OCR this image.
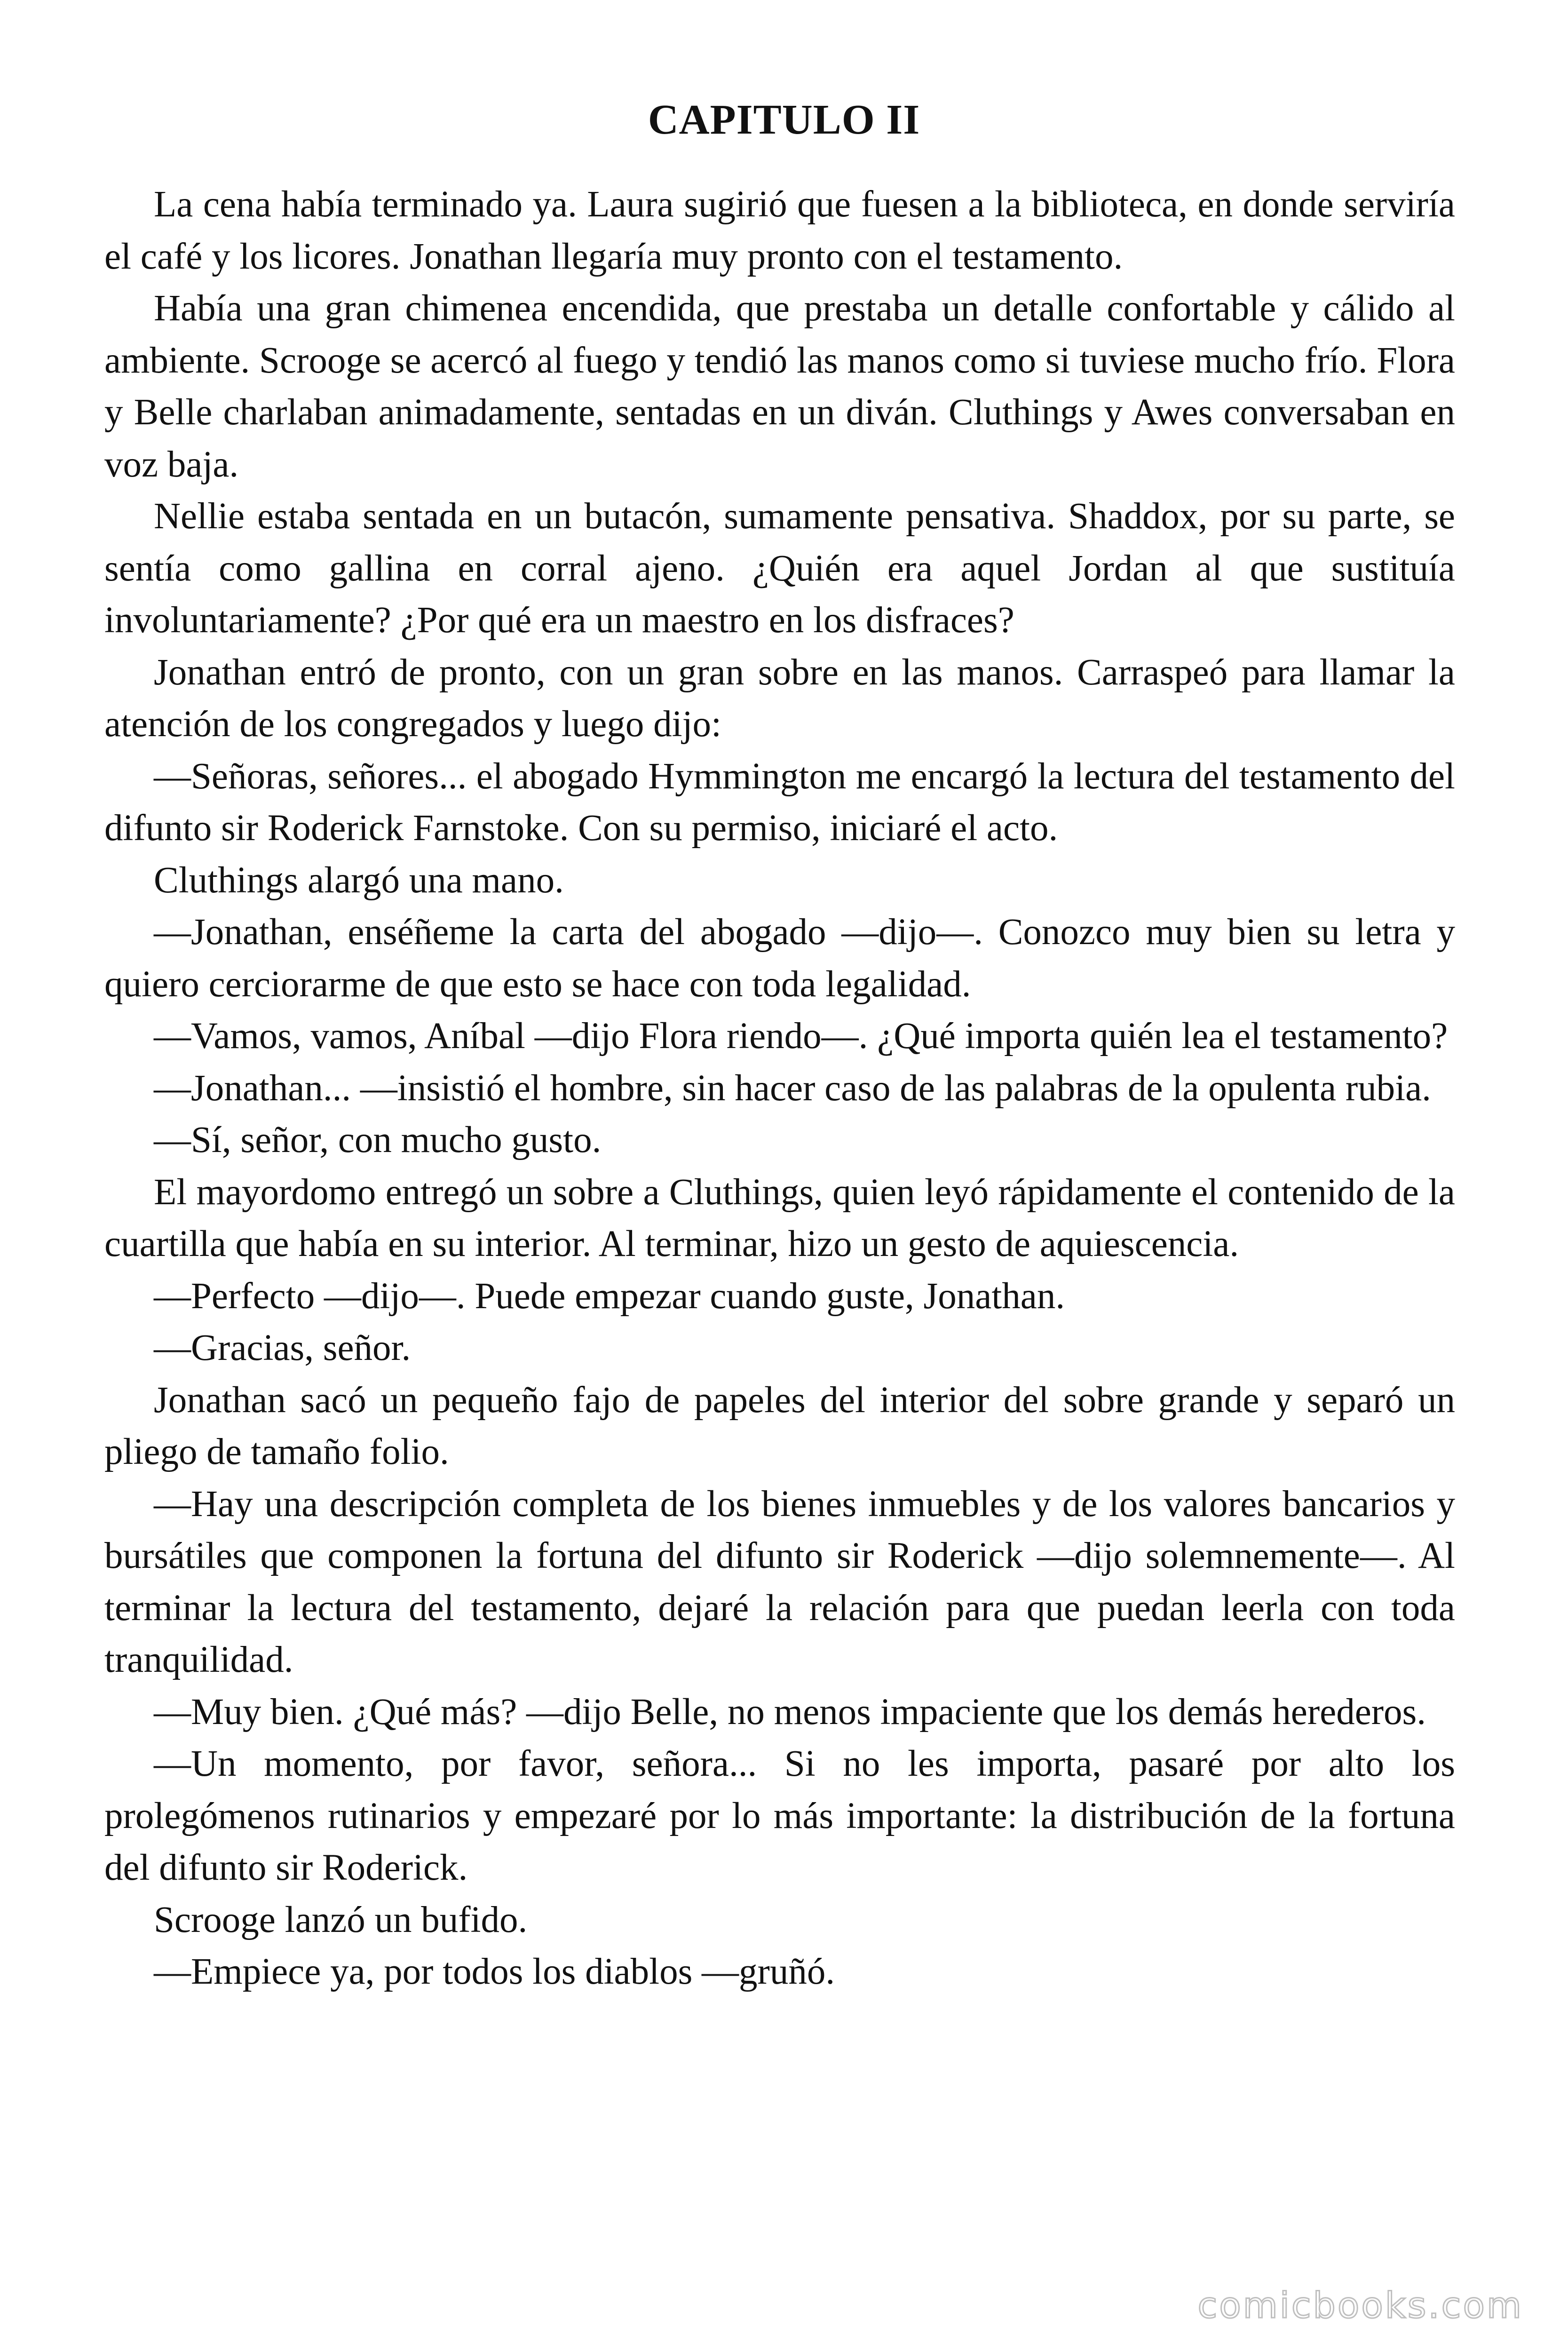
CAPITULO II

La cena había terminado ya. Laura sugirió que fuesen a la biblioteca, en donde serviría el café y los licores. Jonathan llegaría muy pronto con el testamento.

Había una gran chimenea encendida, que prestaba un detalle confortable y cálido al ambiente. Scrooge se acercó al fuego y tendió las manos como si tuviese mucho frío. Flora y Belle charlaban animadamente, sentadas en un diván. Cluthings y Awes conversaban en voz baja.

Nellie estaba sentada en un butacón, sumamente pensativa. Shaddox, por su parte, se sentía como gallina en corral ajeno. ¿Quién era aquel Jordan al que sustituía involuntariamente? ¿Por qué era un maestro en los disfraces?

Jonathan entró de pronto, con un gran sobre en las manos. Carraspeó para llamar la atención de los congregados y luego dijo:

—Señoras, señores... el abogado Hymmington me encargó la lectura del testamento del difunto sir Roderick Farnstoke. Con su permiso, iniciaré el acto.

Cluthings alargó una mano.

—Jonathan, enséñeme la carta del abogado —dijo—. Conozco muy bien su letra y quiero cerciorarme de que esto se hace con toda legalidad.

—Vamos, vamos, Aníbal —dijo Flora riendo—. ¿Qué importa quién lea el testamento?

—Jonathan... —insistió el hombre, sin hacer caso de las palabras de la opulenta rubia.

—Sí, señor, con mucho gusto.

El mayordomo entregó un sobre a Cluthings, quien leyó rápidamente el contenido de la cuartilla que había en su interior. Al terminar, hizo un gesto de aquiescencia.

—Perfecto —dijo—. Puede empezar cuando guste, Jonathan.

—Gracias, señor.

Jonathan sacó un pequeño fajo de papeles del interior del sobre grande y separó un pliego de tamaño folio.

—Hay una descripción completa de los bienes inmuebles y de los valores bancarios y bursátiles que componen la fortuna del difunto sir Roderick —dijo solemnemente—. Al terminar la lectura del testamento, dejaré la relación para que puedan leerla con toda tranquilidad.

—Muy bien. ¿Qué más? —dijo Belle, no menos impaciente que los demás herederos.

—Un momento, por favor, señora... Si no les importa, pasaré por alto los prolegómenos rutinarios y empezaré por lo más importante: la distribución de la fortuna del difunto sir Roderick.

Scrooge lanzó un bufido.

—Empiece ya, por todos los diablos —gruñó.

comicbooks.com
